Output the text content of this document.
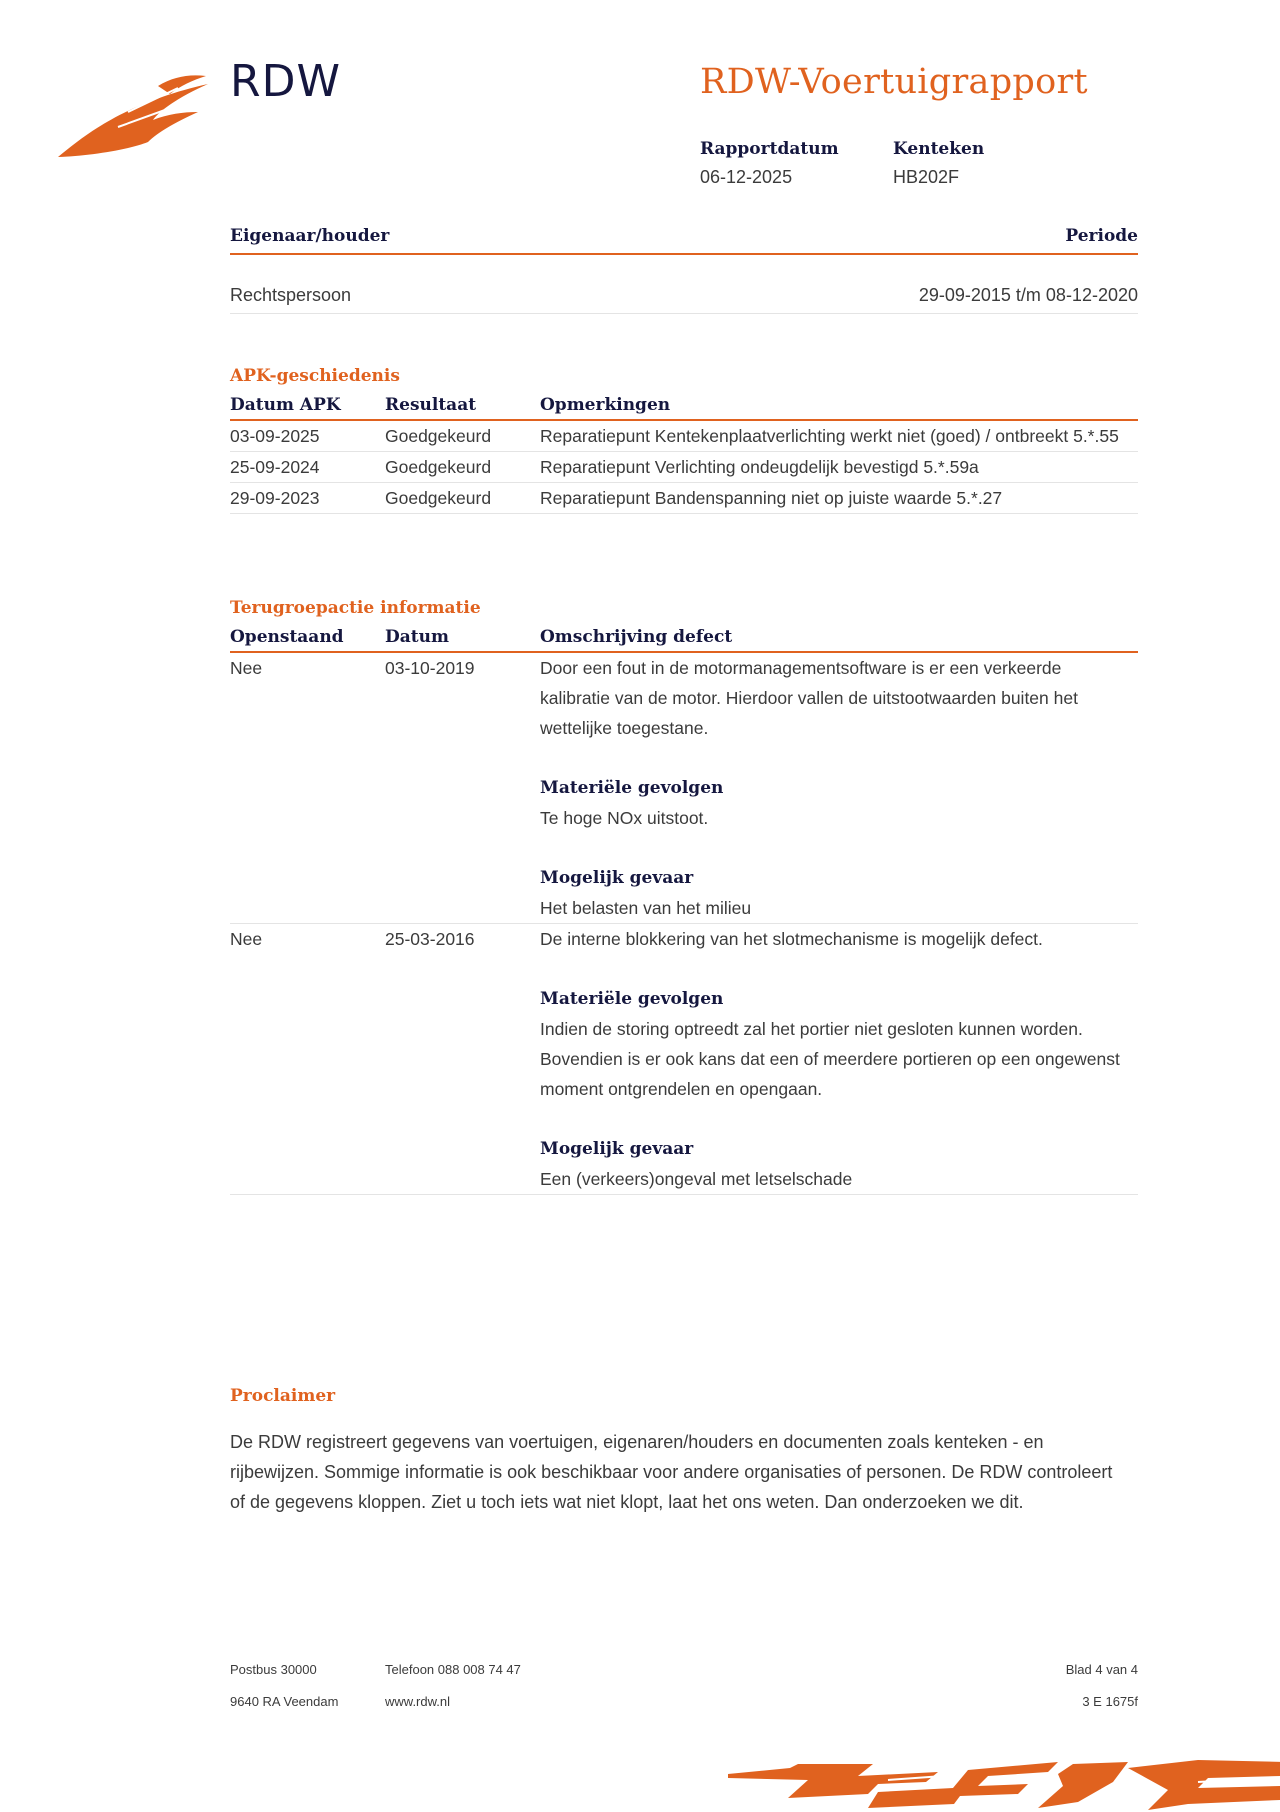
RDW	RDW-Voertuigrapport
Rapportdatum
06-12-2025
Kenteken
HB202F
Eigenaar/houder	Periode
Rechtspersoon	29-09-2015 t/m 08-12-2020
APK-geschiedenis
Datum APK	Resultaat	Opmerkingen
03-09-2025	Goedgekeurd	Reparatiepunt Kentekenplaatverlichting werkt niet (goed) / ontbreekt 5.*.55
25-09-2024	Goedgekeurd	Reparatiepunt Verlichting ondeugdelijk bevestigd 5.*.59a
29-09-2023	Goedgekeurd	Reparatiepunt Bandenspanning niet op juiste waarde 5.*.27
Terugroepactie informatie
Openstaand Datum	Omschrijving defect
Nee	03-10-2019	Door een fout in de motormanagementsoftware is er een verkeerde kalibratie van de motor. Hierdoor vallen de uitstootwaarden buiten het wettelijke toegestane.
Materiële gevolgen
Te hoge NOx uitstoot.
Mogelijk gevaar
Het belasten van het milieu
Nee	25-03-2016	De interne blokkering van het slotmechanisme is mogelijk defect.
Materiële gevolgen
Indien de storing optreedt zal het portier niet gesloten kunnen worden. Bovendien is er ook kans dat een of meerdere portieren op een ongewenst moment ontgrendelen en opengaan.
Mogelijk gevaar
Een (verkeers)ongeval met letselschade
Proclaimer
De RDW registreert gegevens van voertuigen, eigenaren/houders en documenten zoals kenteken - en rijbewijzen. Sommige informatie is ook beschikbaar voor andere organisaties of personen. De RDW controleert of de gegevens kloppen. Ziet u toch iets wat niet klopt, laat het ons weten. Dan onderzoeken we dit.
Postbus 30000
9640 RA Veendam
Telefoon 088 008 74 47
www.rdw.nl
Blad 4 van 4
3 E 1675f
